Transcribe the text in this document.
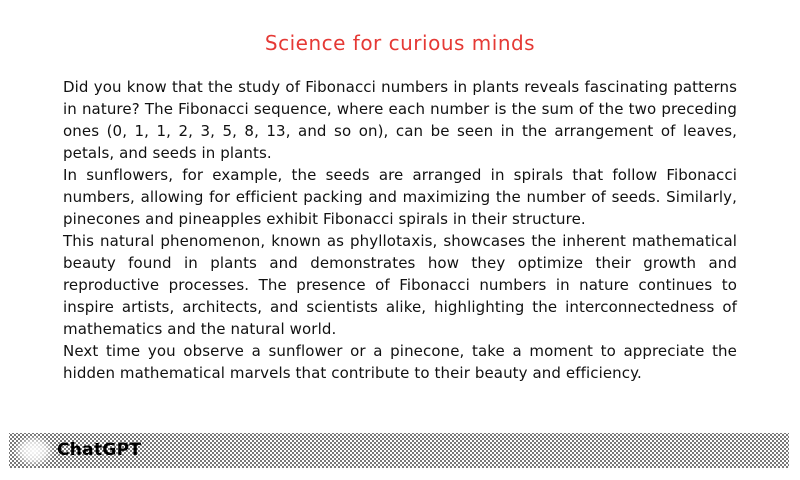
Science for curious minds

Did you know that the study of Fibonacci numbers in plants reveals fascinating patterns in nature? The Fibonacci sequence, where each number is the sum of the two preceding ones (0, 1, 1, 2, 3, 5, 8, 13, and so on), can be seen in the arrangement of leaves, petals, and seeds in plants.

In sunflowers, for example, the seeds are arranged in spirals that follow Fibonacci numbers, allowing for efficient packing and maximizing the number of seeds. Similarly, pinecones and pineapples exhibit Fibonacci spirals in their structure.

This natural phenomenon, known as phyllotaxis, showcases the inherent mathematical beauty found in plants and demonstrates how they optimize their growth and reproductive processes. The presence of Fibonacci numbers in nature continues to inspire artists, architects, and scientists alike, highlighting the interconnectedness of mathematics and the natural world.

Next time you observe a sunflower or a pinecone, take a moment to appreciate the hidden mathematical marvels that contribute to their beauty and efficiency.

ChatGPT
